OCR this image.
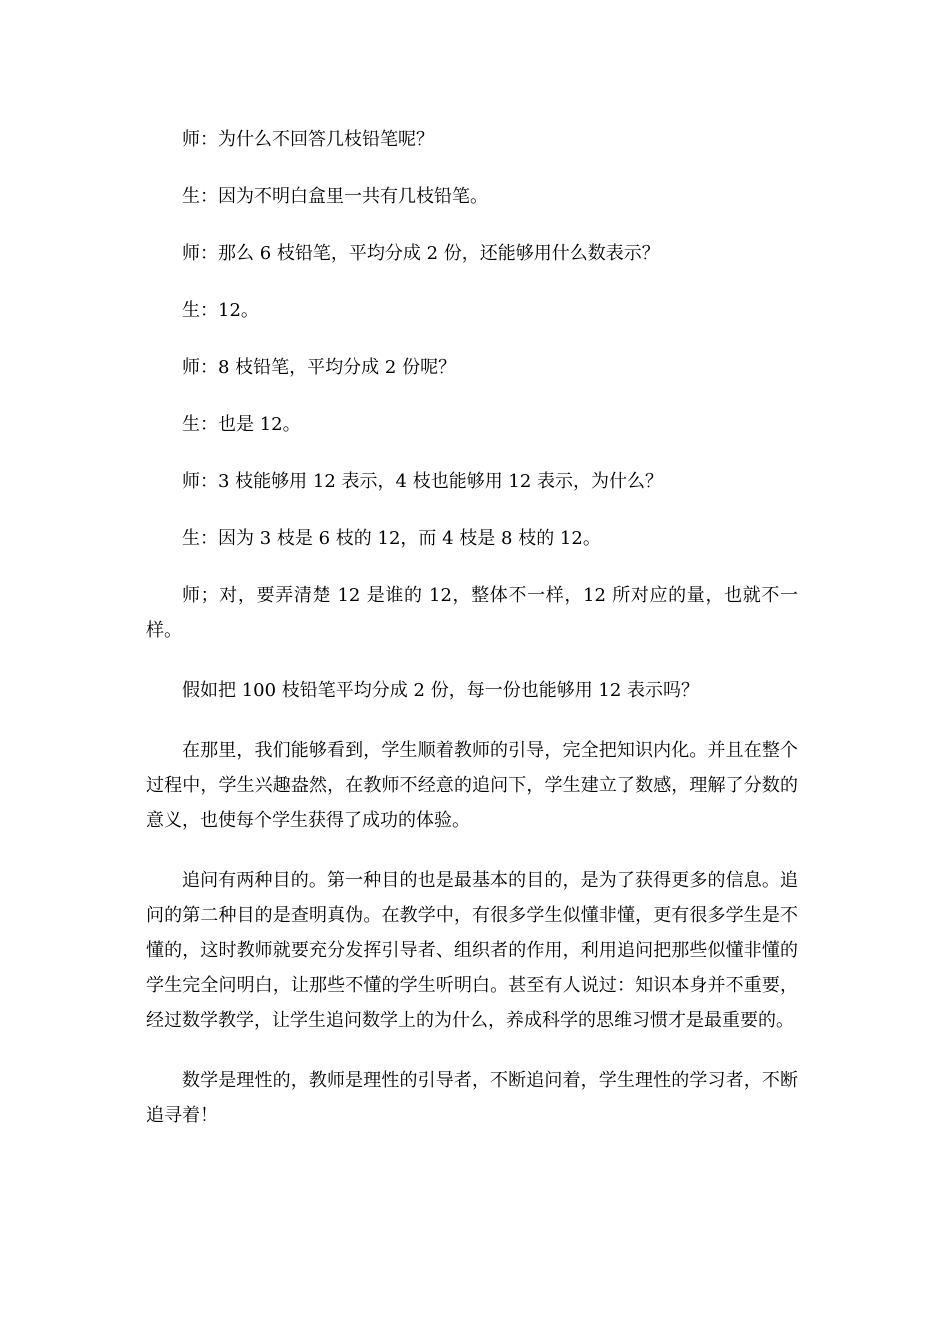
师：为什么不回答几枝铅笔呢？

生：因为不明白盒里一共有几枝铅笔。

师：那么 6 枝铅笔，平均分成 2 份，还能够用什么数表示？

生：12。

师：8 枝铅笔，平均分成 2 份呢？

生：也是 12。

师：3 枝能够用 12 表示，4 枝也能够用 12 表示，为什么？

生：因为 3 枝是 6 枝的 12，而 4 枝是 8 枝的 12。

师；对，要弄清楚 12 是谁的 12，整体不一样，12 所对应的量，也就不一样。

假如把 100 枝铅笔平均分成 2 份，每一份也能够用 12 表示吗？

在那里，我们能够看到，学生顺着教师的引导，完全把知识内化。并且在整个过程中，学生兴趣盎然，在教师不经意的追问下，学生建立了数感，理解了分数的意义，也使每个学生获得了成功的体验。

追问有两种目的。第一种目的也是最基本的目的，是为了获得更多的信息。追问的第二种目的是查明真伪。在教学中，有很多学生似懂非懂，更有很多学生是不懂的，这时教师就要充分发挥引导者、组织者的作用，利用追问把那些似懂非懂的学生完全问明白，让那些不懂的学生听明白。甚至有人说过：知识本身并不重要，经过数学教学，让学生追问数学上的为什么，养成科学的思维习惯才是最重要的。

数学是理性的，教师是理性的引导者，不断追问着，学生理性的学习者，不断追寻着！
